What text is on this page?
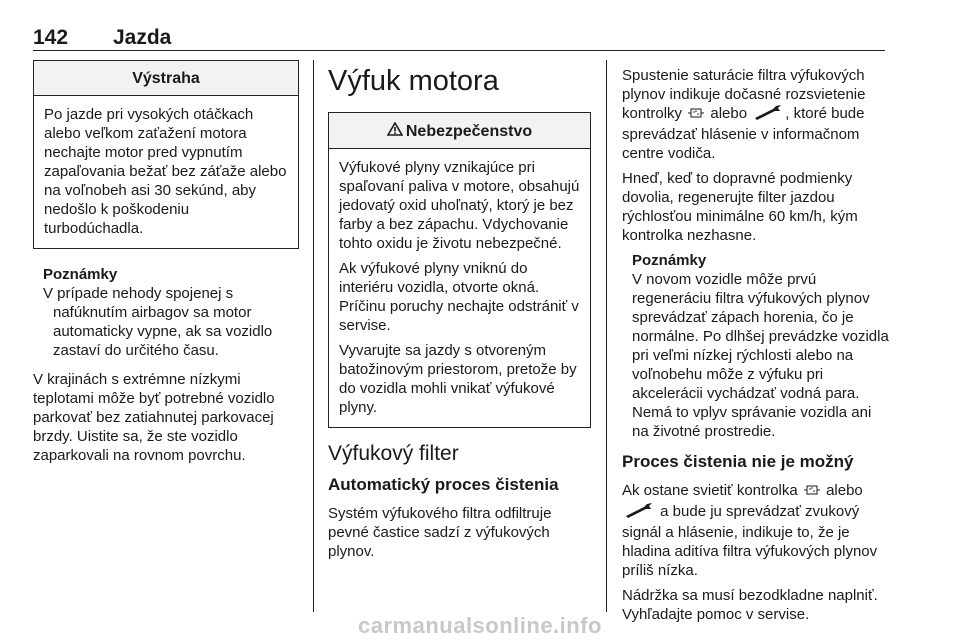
142 Jazda
Výstraha

Po jazde pri vysokých otáčkach alebo veľkom zaťažení motora nechajte motor pred vypnutím zapaľovania bežať bez záťaže alebo na voľnobeh asi 30 sekúnd, aby nedošlo k poškodeniu turbodúchadla.

Poznámky

V prípade nehody spojenej s

nafúknutím airbagov sa motor

automaticky vypne, ak sa vozidlo

zastaví do určitého času.

V krajinách s extrémne nízkymi teplotami môže byť potrebné vozidlo parkovať bez zatiahnutej parkovacej brzdy. Uistite sa, že ste vozidlo zaparkovali na rovnom povrchu.

Výfuk motora
Nebezpečenstvo

Výfukové plyny vznikajúce pri spaľovaní paliva v motore, obsahujú jedovatý oxid uhoľnatý, ktorý je bez farby a bez zápachu. Vdychovanie tohto oxidu je životu nebezpečné.

Ak výfukové plyny vniknú do interiéru vozidla, otvorte okná. Príčinu poruchy nechajte odstrániť v servise.

Vyvarujte sa jazdy s otvoreným batožinovým priestorom, pretože by do vozidla mohli vnikať výfukové plyny.

Výfukový filter
Automatický proces čistenia

Systém výfukového filtra odfiltruje pevné častice sadzí z výfukových plynov.

Spustenie saturácie filtra výfukových plynov indikuje dočasné rozsvietenie kontrolky alebo	, ktoré bude sprevádzať hlásenie v informačnom centre vodiča.

Hneď, keď to dopravné podmienky dovolia, regenerujte filter jazdou rýchlosťou minimálne 60 km/h, kým kontrolka nezhasne.

Poznámky

V novom vozidle môže prvú regeneráciu filtra výfukových plynov sprevádzať zápach horenia, čo je normálne. Po dlhšej prevádzke vozidla pri veľmi nízkej rýchlosti alebo na voľnobehu môže z výfuku pri akcelerácii vychádzať vodná para. Nemá to vplyv správanie vozidla ani na životné prostredie.

Proces čistenia nie je možný

Ak ostane svietiť kontrolka alebo  a bude ju sprevádzať zvukový signál a hlásenie, indikuje to, že je hladina aditíva filtra výfukových plynov príliš nízka.

Nádržka sa musí bezodkladne naplniť. Vyhľadajte pomoc v servise.

carmanualsonline.info
